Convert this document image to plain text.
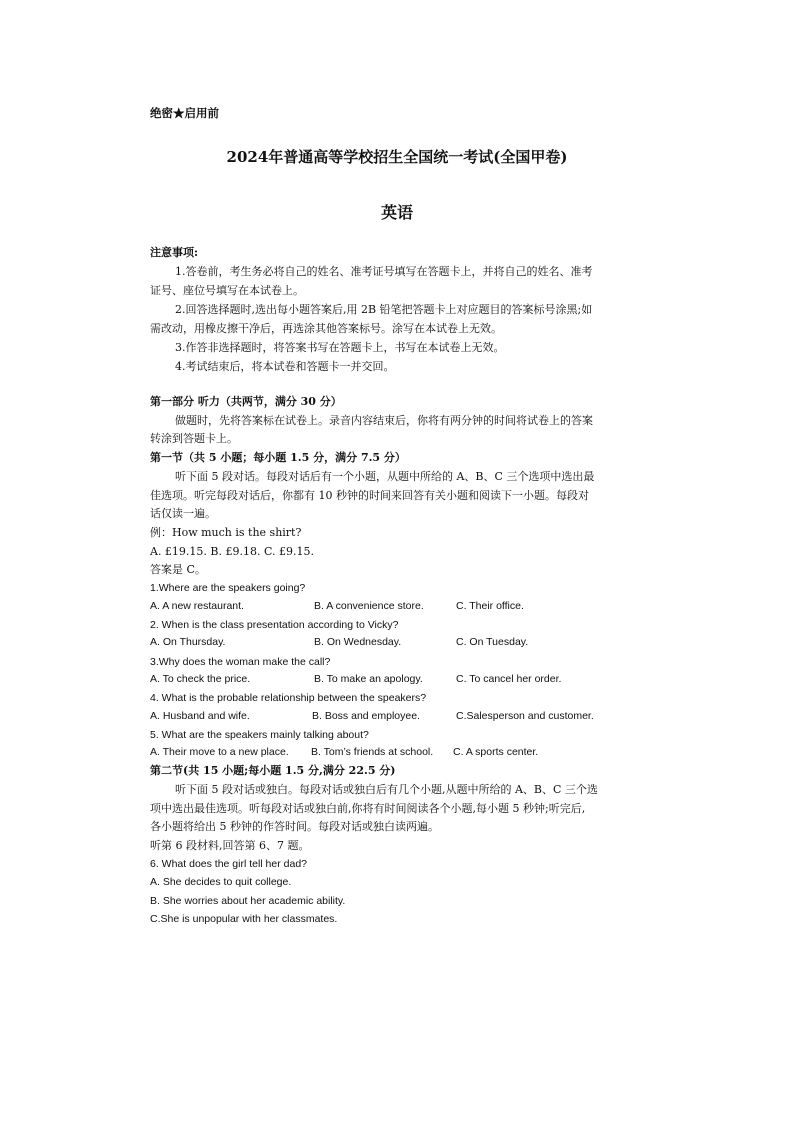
绝密★启用前
2024年普通高等学校招生全国统一考试(全国甲卷)
英语
注意事项:
1.答卷前，考生务必将自己的姓名、准考证号填写在答题卡上，并将自己的姓名、准考
证号、座位号填写在本试卷上。
2.回答选择题时,选出每小题答案后,用 2B 铅笔把答题卡上对应题目的答案标号涂黑;如
需改动，用橡皮擦干净后，再选涂其他答案标号。涂写在本试卷上无效。
3.作答非选择题时，将答案书写在答题卡上，书写在本试卷上无效。
4.考试结束后，将本试卷和答题卡一并交回。
第一部分 听力（共两节，满分 30 分）
做题时，先将答案标在试卷上。录音内容结束后，你将有两分钟的时间将试卷上的答案
转涂到答题卡上。
第一节（共 5 小题；每小题 1.5 分，满分 7.5 分）
听下面 5 段对话。每段对话后有一个小题，从题中所给的 A、B、C 三个选项中选出最
佳选项。听完每段对话后，你都有 10 秒钟的时间来回答有关小题和阅读下一小题。每段对
话仅读一遍。
例：How much is the shirt?
A. £19.15. B. £9.18. C. £9.15.
答案是 C。
1.Where are the speakers going?
A. A new restaurant.	B. A convenience store.	C. Their office.
2. When is the class presentation according to Vicky?
A. On Thursday.	B. On Wednesday.	C. On Tuesday.
3.Why does the woman make the call?
A. To check the price.	B. To make an apology.	C. To cancel her order.
4. What is the probable relationship between the speakers?
A. Husband and wife.	B. Boss and employee.	C.Salesperson and customer.
5. What are the speakers mainly talking about?
A. Their move to a new place. B. Tom’s friends at school. C. A sports center.
第二节(共 15 小题;每小题 1.5 分,满分 22.5 分)
听下面 5 段对话或独白。每段对话或独白后有几个小题,从题中所给的 A、B、C 三个选
项中选出最佳选项。听每段对话或独白前,你将有时间阅读各个小题,每小题 5 秒钟;听完后,
各小题将给出 5 秒钟的作答时间。每段对话或独白读两遍。
听第 6 段材料,回答第 6、7 题。
6. What does the girl tell her dad?
A. She decides to quit college.
B. She worries about her academic ability.
C.She is unpopular with her classmates.
